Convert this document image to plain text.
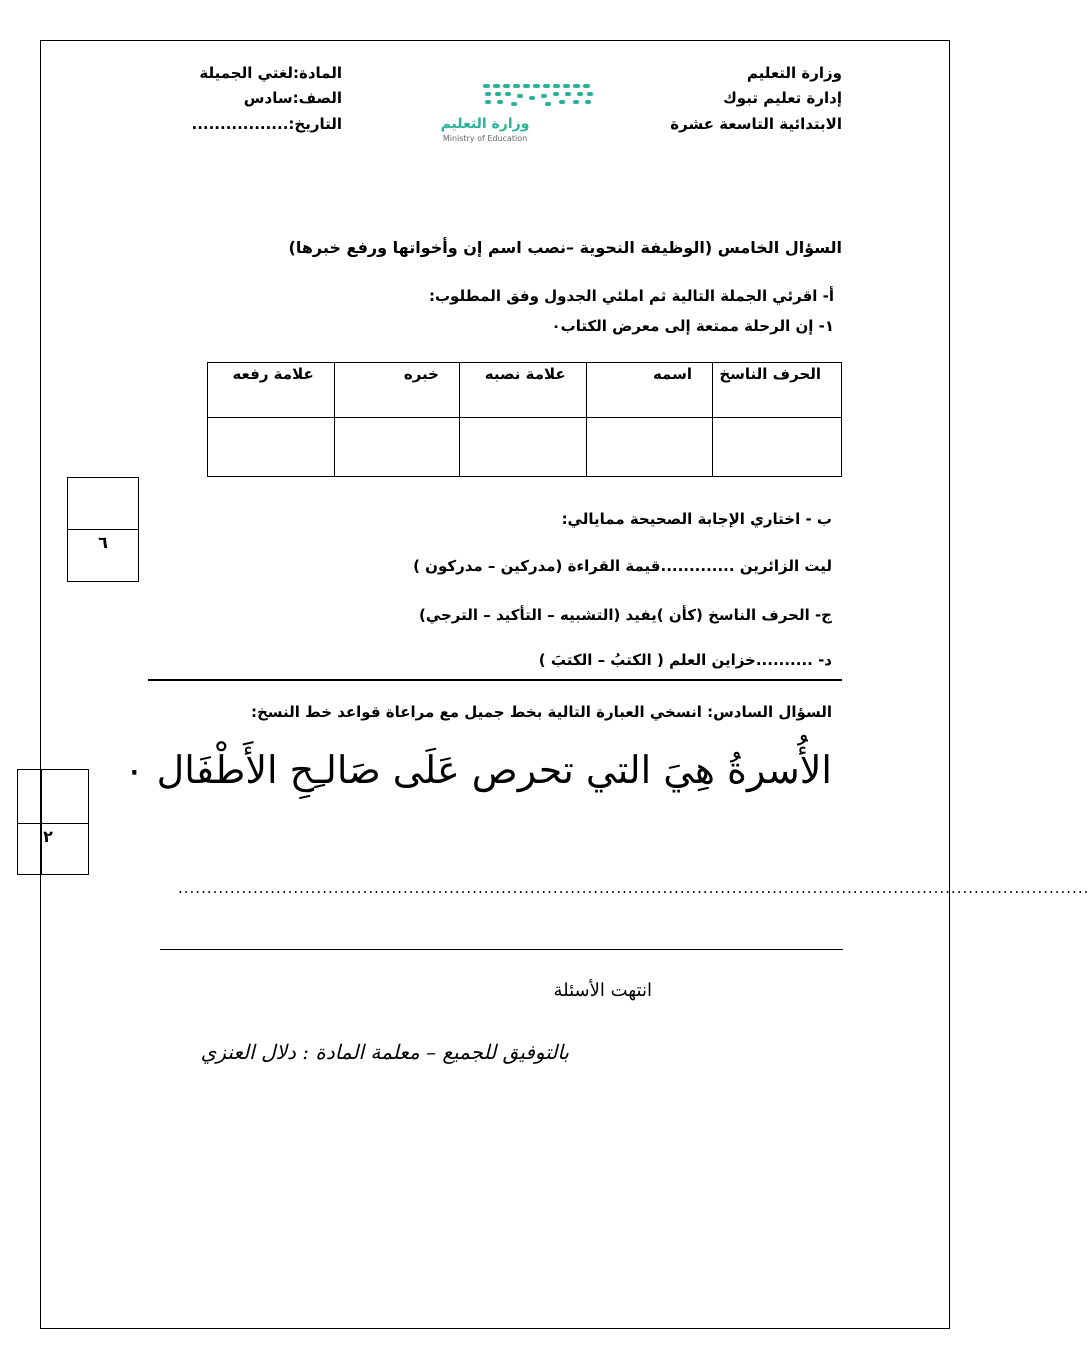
وزارة التعليم
إدارة تعليم تبوك
الابتدائية التاسعة عشرة
المادة:لغتي الجميلة
الصف:سادس
التاريخ:.................	وزارة التعليم
Ministry of Education
السؤال الخامس (الوظيفة النحوية –نصب اسم إن وأخواتها ورفع خبرها)
أ- اقرئي الجملة التالية ثم املئي الجدول وفق المطلوب:
١- إن الرحلة ممتعة إلى معرض الكتاب۰
الحرف الناسخ	اسمه	علامة نصبه	خبره	علامة رفعه

٦
ب - اختاري الإجابة الصحيحة ممايالي:
ليت الزائرين .............قيمة القراءة (مدركين – مدركون )
ج- الحرف الناسخ (كأن )يفيد (التشبيه – التأكيد – الترجي)
د- ..........خزاين العلم ( الكتبُ – الكتبَ )
السؤال السادس: انسخي العبارة التالية بخط جميل مع مراعاة قواعد خط النسخ:
الأُسرةُ هِيَ التي تحرص عَلَى صَالـِحِ الأَطْفَال ۰
٢
..............................................................................................................................................................
انتهت الأسئلة
بالتوفيق للجميع – معلمة المادة : دلال العنزي
